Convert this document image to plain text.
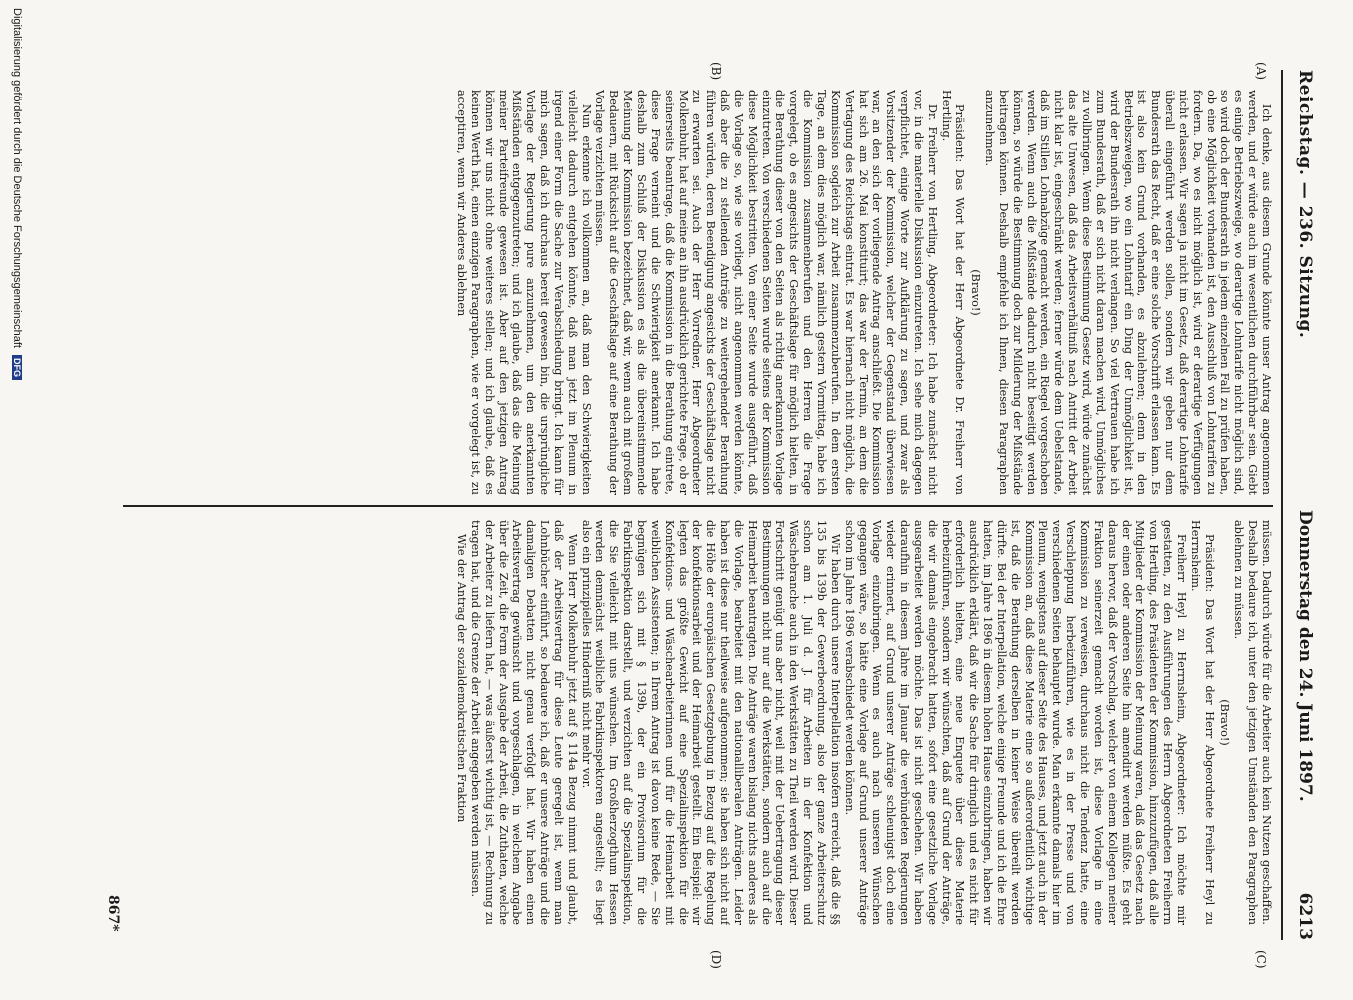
Reichstag. — 236. Sitzung.
6213
Donnerstag den 24. Juni 1897.
(A)
(B)
(C)
(D)

Ich denke, aus diesem Grunde könnte unser Antrag angenommen werden, und er würde auch im wesentlichen durchführbar sein. Giebt es einige Betriebszweige, wo derartige Lohntarife nicht möglich sind, so wird doch der Bundesrath in jedem einzelnen Fall zu prüfen haben, ob eine Möglichkeit vorhanden ist, den Ausschluß von Lohntarifen zu fordern. Da, wo es nicht möglich ist, wird er derartige Verfügungen nicht erlassen. Wir sagen ja nicht im Gesetz, daß derartige Lohntarife überall eingeführt werden sollen, sondern wir geben nur dem Bundesrath das Recht, daß er eine solche Vorschrift erlassen kann. Es ist also kein Grund vorhanden, es abzulehnen; denn in den Betriebszweigen, wo ein Lohntarif ein Ding der Unmöglichkeit ist, wird der Bundesrath ihn nicht verlangen. So viel Vertrauen habe ich zum Bundesrath, daß er sich nicht daran machen wird, Unmögliches zu vollbringen. Wenn diese Bestimmung Gesetz wird, würde zunächst das alte Unwesen, daß das Arbeitsverhältniß nach Antritt der Arbeit nicht klar ist, eingeschränkt werden; ferner würde dem Uebelstande, daß im Stillen Lohnabzüge gemacht werden, ein Riegel vorgeschoben werden. Wenn auch die Mißstände dadurch nicht beseitigt werden können, so würde die Bestimmung doch zur Milderung der Mißstände beitragen können. Deshalb empfehle ich Ihnen, diesen Paragraphen anzunehmen.

(Bravo!)

Präsident: Das Wort hat der Herr Abgeordnete Dr. Freiherr von Hertling.

Dr. Freiherr von Hertling, Abgeordneter: Ich habe zunächst nicht vor, in die materielle Diskussion einzutreten. Ich sehe mich dagegen verpflichtet, einige Worte zur Aufklärung zu sagen, und zwar als Vorsitzender der Kommission, welcher der Gegenstand überwiesen war, an den sich der vorliegende Antrag anschließt. Die Kommission hat sich am 26. Mai konstituirt; das war der Termin, an dem die Vertagung des Reichstags eintrat. Es war hiernach nicht möglich, die Kommission sogleich zur Arbeit zusammenzuberufen. In dem ersten Tage, an dem dies möglich war, nämlich gestern Vormittag, habe ich die Kommission zusammenberufen und den Herren die Frage vorgelegt, ob es angesichts der Geschäftslage für möglich hielten, in die Berathung dieser von den Seiten als richtig anerkannten Vorlage einzutreten. Von verschiedenen Seiten wurde seitens der Kommission diese Möglichkeit bestritten. Von einer Seite wurde ausgeführt, daß die Vorlage so, wie sie vorliegt, nicht angenommen werden könnte, daß aber die zu stellenden Anträge zu weitergehender Berathung führen würden, deren Beendigung angesichts der Geschäftslage nicht zu erwarten sei. Auch der Herr Vorredner, Herr Abgeordneter Molkenbuhr, hat auf meine an ihn ausdrücklich gerichtete Frage, ob er seinerseits beantrage, daß die Kommission in die Berathung eintrete, diese Frage verneint und die Schwierigkeit anerkannt. Ich habe deshalb zum Schluß der Diskussion es als die übereinstimmende Meinung der Kommission bezeichnet, daß wir, wenn auch mit großem Bedauern, mit Rücksicht auf die Geschäftslage auf eine Berathung der Vorlage verzichten müssen.

Nun erkenne ich vollkommen an, daß man den Schwierigkeiten vielleicht dadurch entgehen könnte, daß man jetzt im Plenum in irgend einer Form die Sache zur Verabschiedung bringt. Ich kann für mich sagen, daß ich durchaus bereit gewesen bin, die ursprüngliche Vorlage der Regierung pure anzunehmen, um den anerkannten Mißständen entgegenzutreten; und ich glaube, daß das die Meinung meiner Parteifreunde gewesen ist. Aber auf den jetzigen Antrag können wir uns nicht ohne weiteres stellen; und ich glaube, daß es keinen Werth hat, einen einzigen Paragraphen, wie er vorgelegt ist, zu acceptiren, wenn wir Anderes ablehnen

müssen. Dadurch würde für die Arbeiter auch kein Nutzen geschaffen. Deshalb bedaure ich, unter den jetzigen Umständen den Paragraphen ablehnen zu müssen.

(Bravo!)

Präsident: Das Wort hat der Herr Abgeordnete Freiherr Heyl zu Herrnsheim.

Freiherr Heyl zu Herrnsheim, Abgeordneter: Ich möchte mir gestatten, zu den Ausführungen des Herrn Abgeordneten Freiherrn von Hertling, des Präsidenten der Kommission, hinzuzufügen, daß alle Mitglieder der Kommission der Meinung waren, daß das Gesetz nach der einen oder anderen Seite hin amendirt werden müßte. Es geht daraus hervor, daß der Vorschlag, welcher von einem Kollegen meiner Fraktion seinerzeit gemacht worden ist, diese Vorlage in eine Kommission zu verweisen, durchaus nicht die Tendenz hatte, eine Verschleppung herbeizuführen, wie es in der Presse und von verschiedenen Seiten behauptet wurde. Man erkannte damals hier im Plenum, wenigstens auf dieser Seite des Hauses, und jetzt auch in der Kommission an, daß diese Materie eine so außerordentlich wichtige ist, daß die Berathung derselben in keiner Weise übereilt werden dürfte. Bei der Interpellation, welche einige Freunde und ich die Ehre hatten, im Jahre 1896 in diesem hohen Hause einzubringen, haben wir ausdrücklich erklärt, daß wir die Sache für dringlich und es nicht für erforderlich hielten, eine neue Enquete über diese Materie herbeizuführen, sondern wir wünschten, daß auf Grund der Anträge, die wir damals eingebracht hatten, sofort eine gesetzliche Vorlage ausgearbeitet werden möchte. Das ist nicht geschehen. Wir haben daraufhin in diesem Jahre im Januar die verbündeten Regierungen wieder erinnert, auf Grund unserer Anträge schleunigst doch eine Vorlage einzubringen. Wenn es auch nach unseren Wünschen gegangen wäre, so hätte eine Vorlage auf Grund unserer Anträge schon im Jahre 1896 verabschiedet werden können.

Wir haben durch unsere Interpellation insofern erreicht, daß die §§ 135 bis 139b der Gewerbeordnung, also der ganze Arbeiterschutz schon am 1. Juli d. J. für Arbeiten in der Konfektion und Wäschebranche auch in den Werkstätten zu Theil werden wird. Dieser Fortschritt genügt uns aber nicht, weil mit der Uebertragung dieser Bestimmungen nicht nur auf die Werkstätten, sondern auch auf die Heimarbeit beantragten. Die Anträge waren bislang nichts anderes als die Vorlage, bearbeitet mit den nationalliberalen Anträgen. Leider haben ist diese nur theilweise aufgenommen; sie haben sich nicht auf die Höhe der europäischen Gesetzgebung in Bezug auf die Regelung der konfektionsarbeit und der Heimarbeit gestellt. Ein Beispiel: wir legten das größte Gewicht auf eine Spezialinspektion für die Konfektions- und Wäschearbeiterinnen und für die Heimarbeit mit weiblichen Assistenten; in Ihrem Antrag ist davon keine Rede, — Sie begnügen sich mit § 139b, der ein Provisorium für die Fabrikinspektion darstellt, und verzichten auf die Spezialinspektion, die Sie vielleicht mit uns wünschen. Im Großherzogthum Hessen werden demnächst weibliche Fabrikinspektoren angestellt; es liegt also ein prinzipielles Hinderniß nicht mehr vor.

Wenn Herr Molkenbuhr jetzt auf § 114a Bezug nimmt und glaubt, daß der Arbeitsvertrag für diese Leute geregelt ist, wenn man Lohnbücher einführt, so bedauere ich, daß er unsere Anträge und die damaligen Debatten nicht genau verfolgt hat. Wir haben einen Arbeitsvertrag gewünscht und vorgeschlagen, in welchem Angabe über die Zeit, die Form der Ausgabe der Arbeit, die Zuthaten, welche der Arbeiter zu liefern hat, — was äußerst wichtig ist, — Rechnung zu tragen hat, und die Grenze der Arbeit angegeben werden müssen.

Wie der Antrag der sozialdemokratischen Fraktion

867*
Digitalisierung gefördert durch die Deutsche Forschungsgemeinschaft DFG
